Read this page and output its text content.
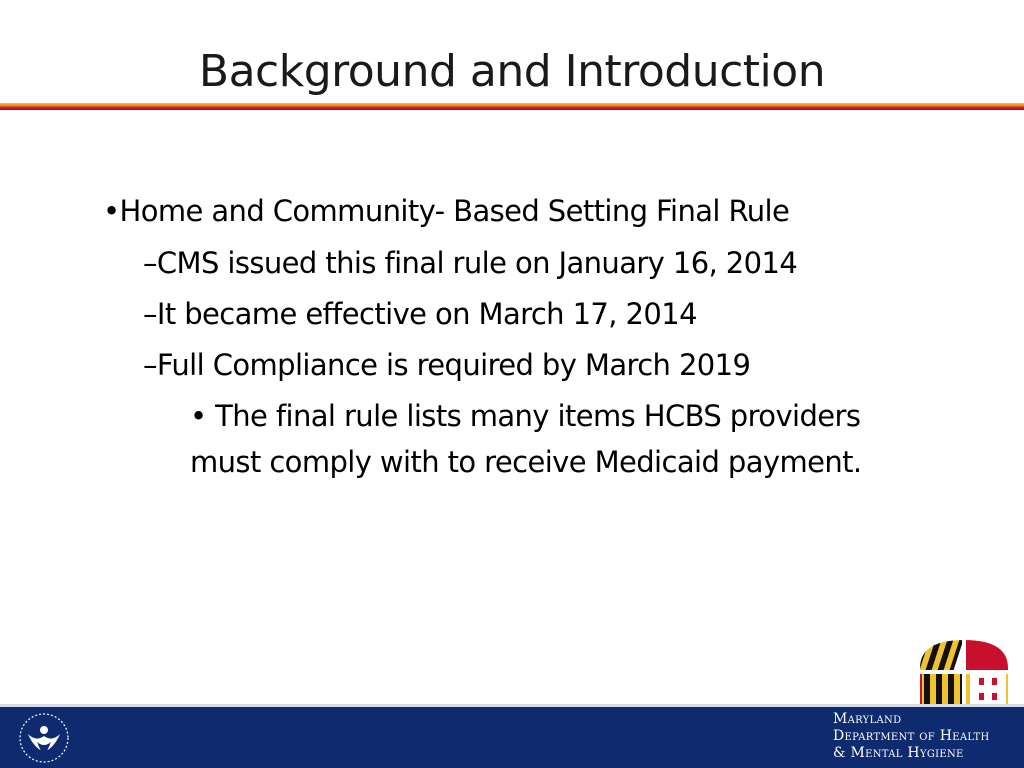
Background and Introduction
•Home and Community- Based Setting Final Rule
–CMS issued this final rule on January 16, 2014
–It became effective on March 17, 2014
–Full Compliance is required by March 2019
• The final rule lists many items HCBS providers
must comply with to receive Medicaid payment.
Maryland
Department of Health
& Mental Hygiene
